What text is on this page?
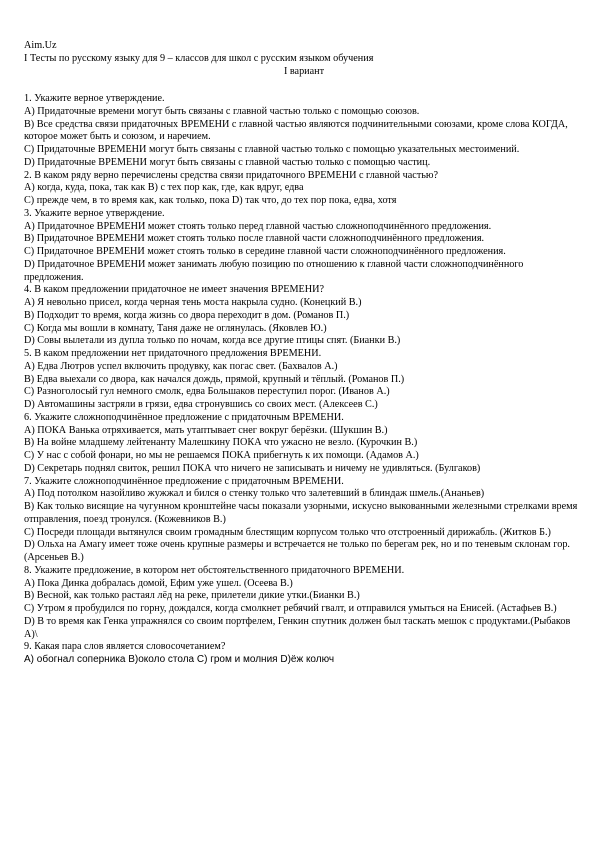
Aim.Uz
I Тесты по русскому языку для 9 – классов для школ с русским языком обучения
I вариант
1. Укажите верное утверждение.
A) Придаточные времени могут быть связаны с главной частью только с помощью союзов.
B) Все средства связи придаточных ВРЕМЕНИ с главной частью являются подчинительными союзами, кроме слова КОГДА, которое может быть и союзом, и наречием.
C) Придаточные ВРЕМЕНИ могут быть связаны с главной частью только с помощью указательных местоимений.
D) Придаточные ВРЕМЕНИ могут быть связаны с главной частью только с помощью частиц.
2. В каком ряду верно перечислены средства связи придаточного ВРЕМЕНИ с главной частью?
A) когда, куда, пока, так как B) с тех пор как, где, как вдруг, едва
C) прежде чем, в то время как, как только, пока D) так что, до тех пор пока, едва, хотя
3. Укажите верное утверждение.
A) Придаточное ВРЕМЕНИ может стоять только перед главной частью сложноподчинённого предложения.
B) Придаточное ВРЕМЕНИ может стоять только после главной части сложноподчинённого предложения.
C) Придаточное ВРЕМЕНИ может стоять только в середине главной части сложноподчинённого предложения.
D) Придаточное ВРЕМЕНИ может занимать любую позицию по отношению к главной части сложноподчинённого предложения.
4. В каком предложении придаточное не имеет значения ВРЕМЕНИ?
A) Я невольно присел, когда черная тень моста накрыла судно. (Конецкий В.)
B) Подходит то время, когда жизнь со двора переходит в дом. (Романов П.)
C) Когда мы вошли в комнату, Таня даже не оглянулась. (Яковлев Ю.)
D) Совы вылетали из дупла только по ночам, когда все другие птицы спят. (Бианки В.)
5. В каком предложении нет придаточного предложения ВРЕМЕНИ.
A) Едва Лютров успел включить продувку, как погас свет. (Бахвалов А.)
B) Едва выехали со двора, как начался дождь, прямой, крупный и тёплый. (Романов П.)
C) Разноголосый гул немного смолк, едва Большаков переступил порог. (Иванов А.)
D) Автомашины застряли в грязи, едва стронувшись со своих мест. (Алексеев С.)
6. Укажите сложноподчинённое предложение с придаточным ВРЕМЕНИ.
A) ПОКА Ванька отряхивается, мать утаптывает снег вокруг берёзки. (Шукшин В.)
B) На войне младшему лейтенанту Малешкину ПОКА что ужасно не везло. (Курочкин В.)
C) У нас с собой фонари, но мы не решаемся ПОКА прибегнуть к их помощи. (Адамов А.)
D) Секретарь поднял свиток, решил ПОКА что ничего не записывать и ничему не удивляться. (Булгаков)
7. Укажите сложноподчинённое предложение с придаточным ВРЕМЕНИ.
A) Под потолком назойливо жужжал и бился о стенку только что залетевший в блиндаж шмель.(Ананьев)
B) Как только висящие на чугунном кронштейне часы показали узорными, искусно выкованными железными стрелками время отправления, поезд тронулся. (Кожевников В.)
C) Посреди площади вытянулся своим громадным блестящим корпусом только что отстроенный дирижабль. (Житков Б.)
D) Ольха на Амагу имеет тоже очень крупные размеры и встречается не только по берегам рек, но и по теневым склонам гор.(Арсеньев В.)
8. Укажите предложение, в котором нет обстоятельственного придаточного ВРЕМЕНИ.
A) Пока Динка добралась домой, Ефим уже ушел. (Осеева В.)
B) Весной, как только растаял лёд на реке, прилетели дикие утки.(Бианки В.)
C) Утром я пробудился по горну, дождался, когда смолкнет ребячий гвалт, и отправился умыться на Енисей. (Астафьев В.)
D) В то время как Генка упражнялся со своим портфелем, Генкин спутник должен был таскать мешок с продуктами.(Рыбаков А)\
9. Какая пара слов является словосочетанием?
A) обогнал соперника B)около стола C) гром и молния D)ёж колюч
